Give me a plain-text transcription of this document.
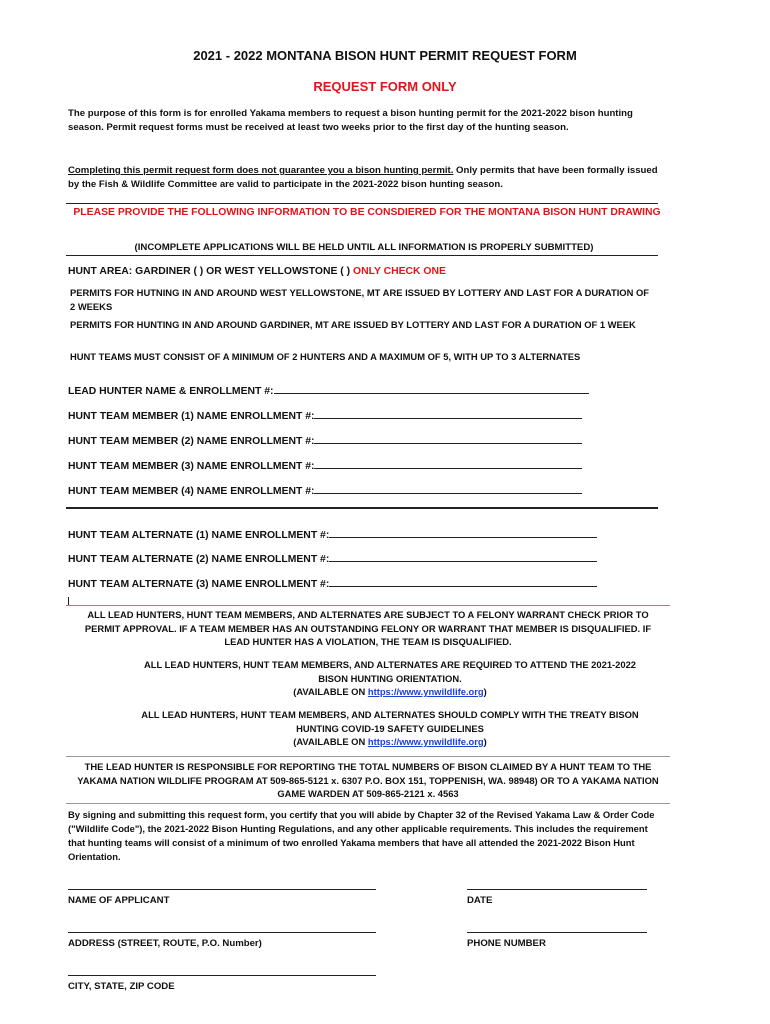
2021 - 2022 MONTANA BISON HUNT PERMIT REQUEST FORM
REQUEST FORM ONLY
The purpose of this form is for enrolled Yakama members to request a bison hunting permit for the 2021-2022 bison hunting season. Permit request forms must be received at least two weeks prior to the first day of the hunting season.
Completing this permit request form does not guarantee you a bison hunting permit. Only permits that have been formally issued by the Fish & Wildlife Committee are valid to participate in the 2021-2022 bison hunting season.
PLEASE PROVIDE THE FOLLOWING INFORMATION TO BE CONSDIERED FOR THE MONTANA BISON HUNT DRAWING
(INCOMPLETE APPLICATIONS WILL BE HELD UNTIL ALL INFORMATION IS PROPERLY SUBMITTED)
HUNT AREA: GARDINER ( ) OR WEST YELLOWSTONE ( ) ONLY CHECK ONE
PERMITS FOR HUTNING IN AND AROUND WEST YELLOWSTONE, MT ARE ISSUED BY LOTTERY AND LAST FOR A DURATION OF 2 WEEKS
PERMITS FOR HUNTING IN AND AROUND GARDINER, MT ARE ISSUED BY LOTTERY AND LAST FOR A DURATION OF 1 WEEK
HUNT TEAMS MUST CONSIST OF A MINIMUM OF 2 HUNTERS AND A MAXIMUM OF 5, WITH UP TO 3 ALTERNATES
LEAD HUNTER NAME & ENROLLMENT #:
HUNT TEAM MEMBER (1) NAME ENROLLMENT #:
HUNT TEAM MEMBER (2) NAME ENROLLMENT #:
HUNT TEAM MEMBER (3) NAME ENROLLMENT #:
HUNT TEAM MEMBER (4) NAME ENROLLMENT #:
HUNT TEAM ALTERNATE (1) NAME ENROLLMENT #:
HUNT TEAM ALTERNATE (2) NAME ENROLLMENT #:
HUNT TEAM ALTERNATE (3) NAME ENROLLMENT #:
ALL LEAD HUNTERS, HUNT TEAM MEMBERS, AND ALTERNATES ARE SUBJECT TO A FELONY WARRANT CHECK PRIOR TO PERMIT APPROVAL. IF A TEAM MEMBER HAS AN OUTSTANDING FELONY OR WARRANT THAT MEMBER IS DISQUALIFIED. IF LEAD HUNTER HAS A VIOLATION, THE TEAM IS DISQUALIFIED.
ALL LEAD HUNTERS, HUNT TEAM MEMBERS, AND ALTERNATES ARE REQUIRED TO ATTEND THE 2021-2022
BISON HUNTING ORIENTATION.
(AVAILABLE ON https://www.ynwildlife.org)
ALL LEAD HUNTERS, HUNT TEAM MEMBERS, AND ALTERNATES SHOULD COMPLY WITH THE TREATY BISON
HUNTING COVID-19 SAFETY GUIDELINES
(AVAILABLE ON https://www.ynwildlife.org)
THE LEAD HUNTER IS RESPONSIBLE FOR REPORTING THE TOTAL NUMBERS OF BISON CLAIMED BY A HUNT TEAM TO THE YAKAMA NATION WILDLIFE PROGRAM AT 509-865-5121 x. 6307 P.O. BOX 151, TOPPENISH, WA. 98948) OR TO A YAKAMA NATION GAME WARDEN AT 509-865-2121 x. 4563
By signing and submitting this request form, you certify that you will abide by Chapter 32 of the Revised Yakama Law & Order Code ("Wildlife Code"), the 2021-2022 Bison Hunting Regulations, and any other applicable requirements. This includes the requirement that hunting teams will consist of a minimum of two enrolled Yakama members that have all attended the 2021-2022 Bison Hunt Orientation.
NAME OF APPLICANT	DATE
ADDRESS (STREET, ROUTE, P.O. Number)	PHONE NUMBER
CITY, STATE, ZIP CODE
